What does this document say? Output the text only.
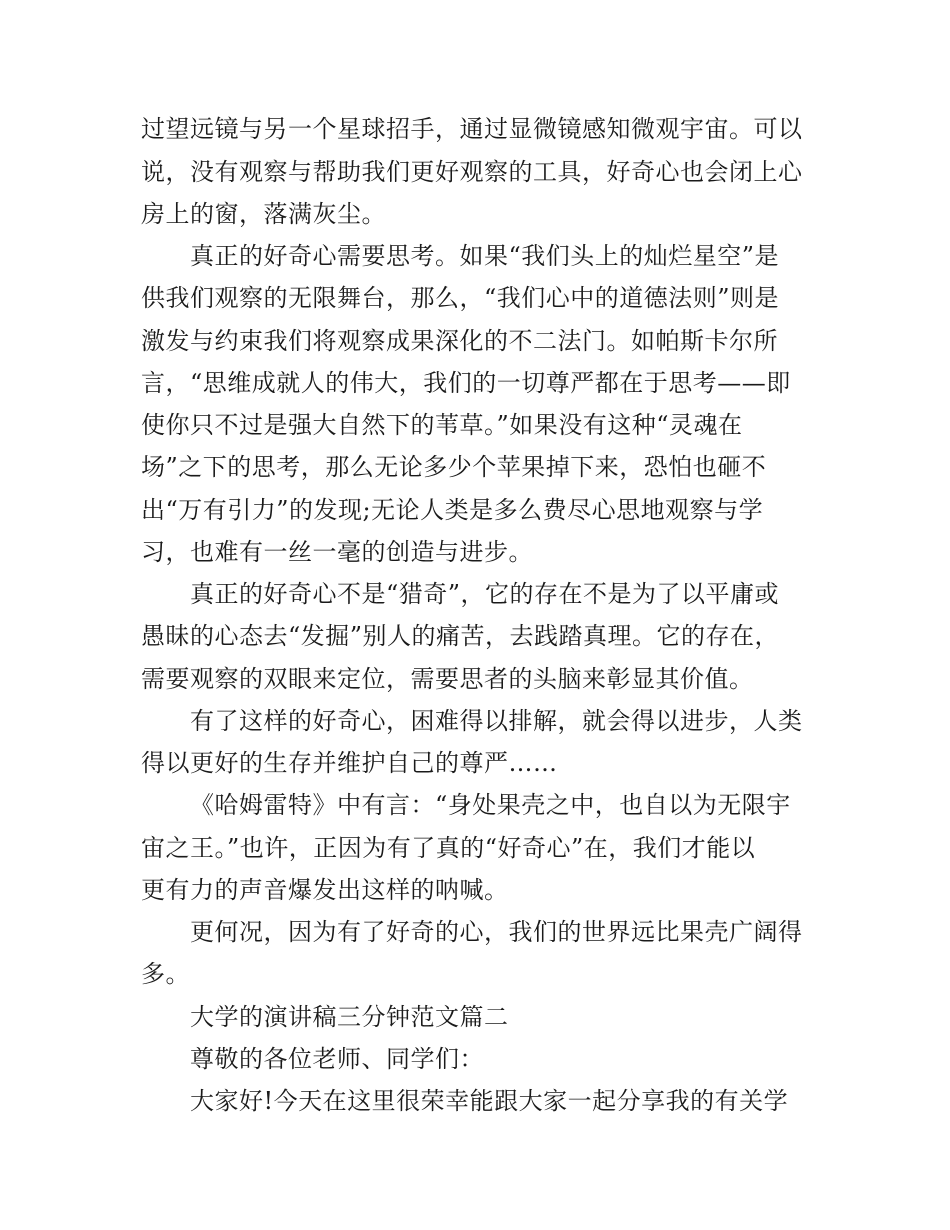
过望远镜与另一个星球招手，通过显微镜感知微观宇宙。可以

说，没有观察与帮助我们更好观察的工具，好奇心也会闭上心

房上的窗，落满灰尘。

真正的好奇心需要思考。如果“我们头上的灿烂星空”是

供我们观察的无限舞台，那么，“我们心中的道德法则”则是

激发与约束我们将观察成果深化的不二法门。如帕斯卡尔所

言，“思维成就人的伟大，我们的一切尊严都在于思考——即

使你只不过是强大自然下的苇草。”如果没有这种“灵魂在

场”之下的思考，那么无论多少个苹果掉下来，恐怕也砸不

出“万有引力”的发现;无论人类是多么费尽心思地观察与学

习，也难有一丝一毫的创造与进步。

真正的好奇心不是“猎奇”，它的存在不是为了以平庸或

愚昧的心态去“发掘”别人的痛苦，去践踏真理。它的存在，

需要观察的双眼来定位，需要思者的头脑来彰显其价值。

有了这样的好奇心，困难得以排解，就会得以进步，人类

得以更好的生存并维护自己的尊严……

《哈姆雷特》中有言：“身处果壳之中，也自以为无限宇

宙之王。”也许，正因为有了真的“好奇心”在，我们才能以

更有力的声音爆发出这样的呐喊。

更何况，因为有了好奇的心，我们的世界远比果壳广阔得

多。

大学的演讲稿三分钟范文篇二

尊敬的各位老师、同学们：

大家好!今天在这里很荣幸能跟大家一起分享我的有关学
